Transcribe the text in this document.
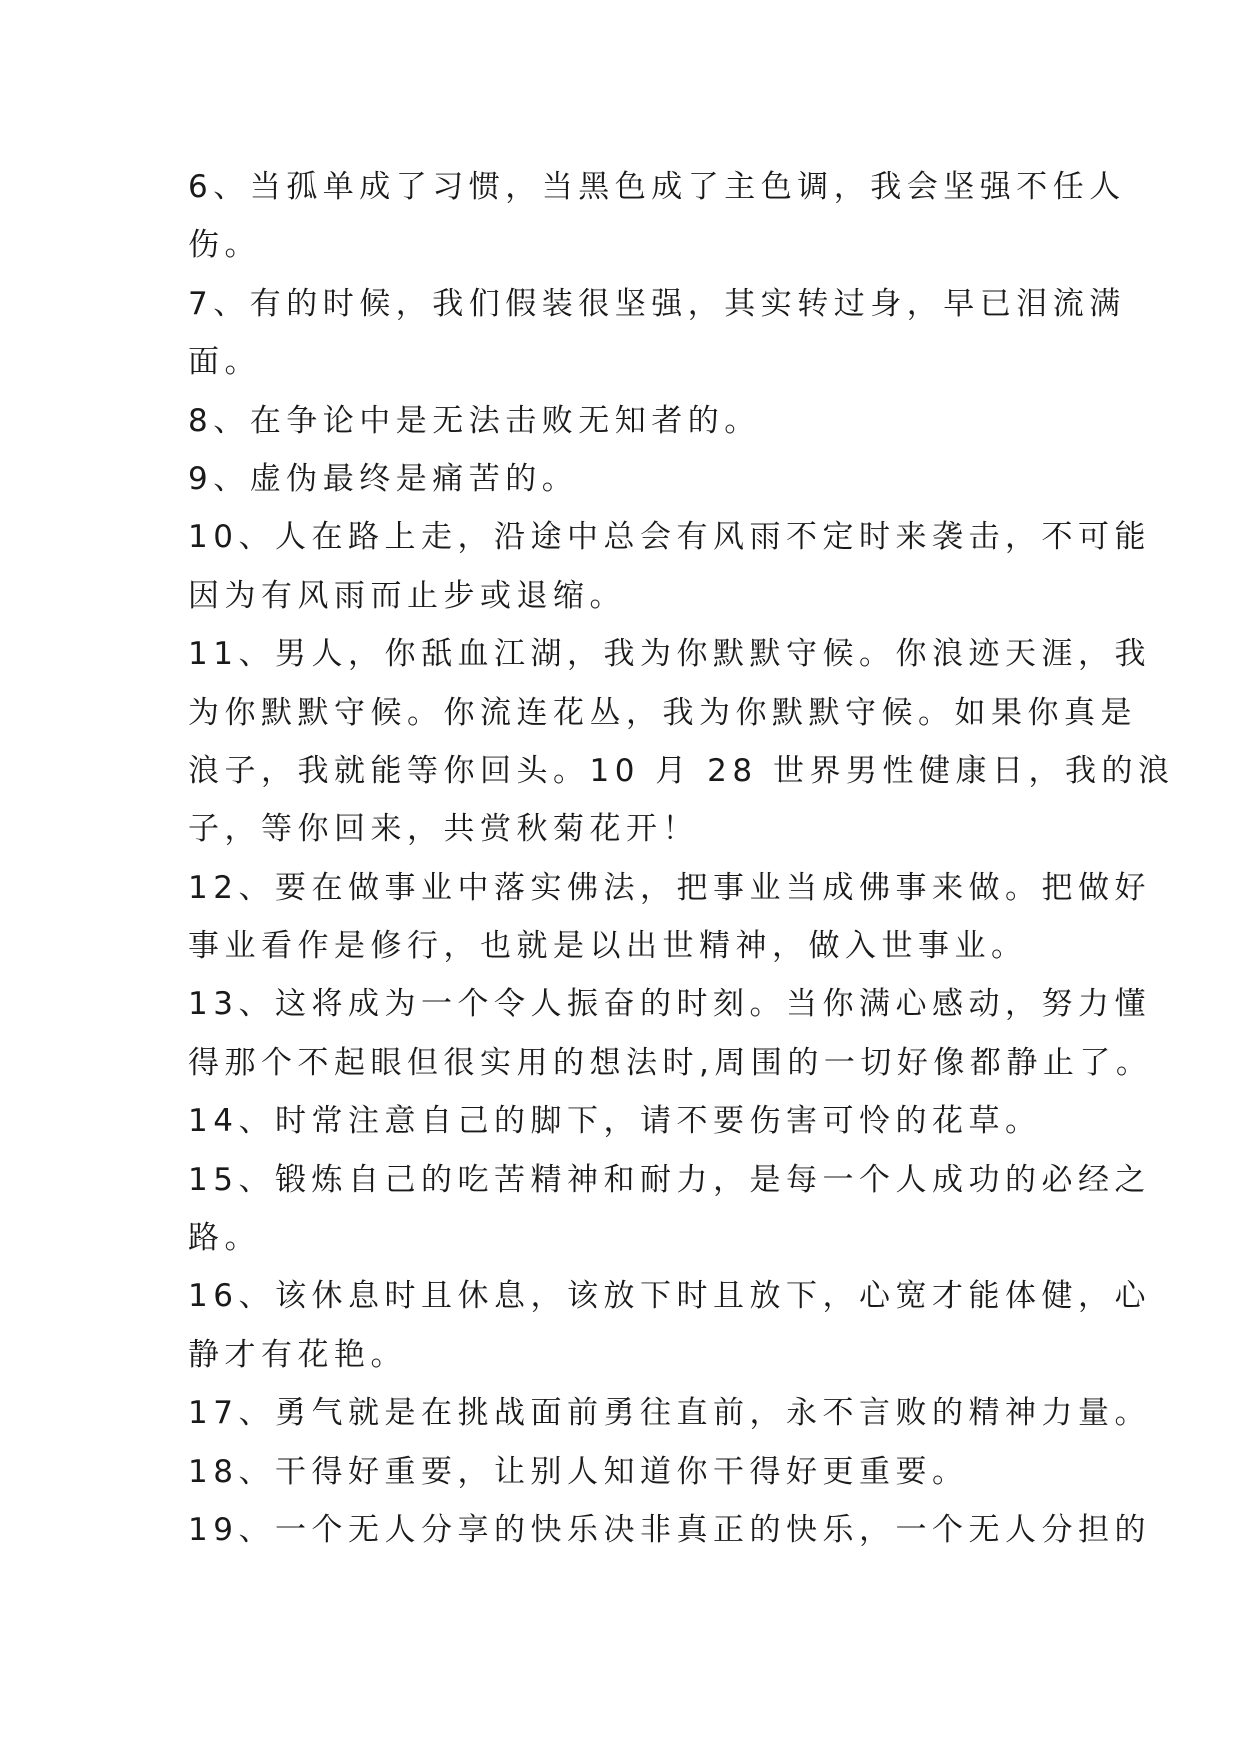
6、当孤单成了习惯，当黑色成了主色调，我会坚强不任人
伤。
7、有的时候，我们假装很坚强，其实转过身，早已泪流满
面。
8、在争论中是无法击败无知者的。
9、虚伪最终是痛苦的。
10、人在路上走，沿途中总会有风雨不定时来袭击，不可能
因为有风雨而止步或退缩。
11、男人，你舐血江湖，我为你默默守候。你浪迹天涯，我
为你默默守候。你流连花丛，我为你默默守候。如果你真是
浪子，我就能等你回头。10 月 28 世界男性健康日，我的浪
子，等你回来，共赏秋菊花开！
12、要在做事业中落实佛法，把事业当成佛事来做。把做好
事业看作是修行，也就是以出世精神，做入世事业。
13、这将成为一个令人振奋的时刻。当你满心感动，努力懂
得那个不起眼但很实用的想法时,周围的一切好像都静止了。
14、时常注意自己的脚下，请不要伤害可怜的花草。
15、锻炼自己的吃苦精神和耐力，是每一个人成功的必经之
路。
16、该休息时且休息，该放下时且放下，心宽才能体健，心
静才有花艳。
17、勇气就是在挑战面前勇往直前，永不言败的精神力量。
18、干得好重要，让别人知道你干得好更重要。
19、一个无人分享的快乐决非真正的快乐，一个无人分担的
